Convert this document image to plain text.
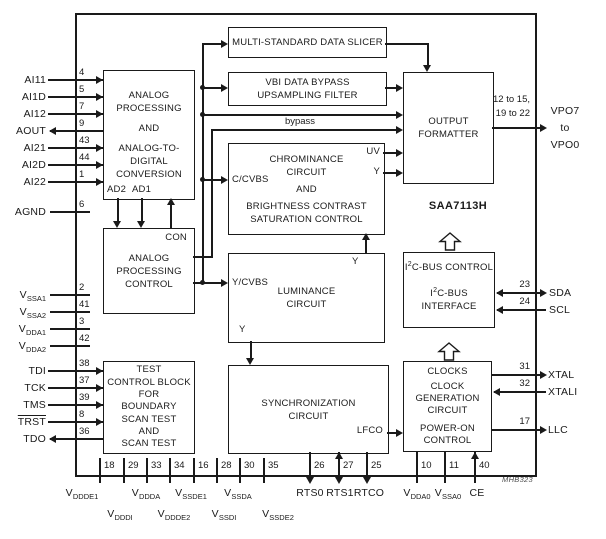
ANALOG
PROCESSING
AND
ANALOG-TO-
DIGITAL
CONVERSION
AD2 AD1
ANALOG
PROCESSING
CONTROL
CON
TEST
CONTROL BLOCK
FOR
BOUNDARY
SCAN TEST
AND
SCAN TEST
MULTI-STANDARD DATA SLICER
VBI DATA BYPASS
UPSAMPLING FILTER
CHROMINANCE
CIRCUIT
AND
BRIGHTNESS CONTRAST
SATURATION CONTROL
C/CVBS
UV
Y
LUMINANCE
CIRCUIT
Y/CVBS
Y
Y
SYNCHRONIZATION
CIRCUIT
LFCO
OUTPUT
FORMATTER
$I^2C$-BUS CONTROL
$I^2C$-BUS
INTERFACE
CLOCKS
CLOCK
GENERATION
CIRCUIT
POWER-ON
CONTROL
SAA7113H
MHB323
bypass
AI11
4
AI1D
5
AI12
7
AOUT
9
AI21
43
AI2D
44
AI22
1
AGND
6
$V_{SSA1}$
2
$V_{SSA2}$
41
$V_{DDA1}$
3
$V_{DDA2}$
42
TDI
38
TCK
37
TMS
39
TRST
8
TDO
36
12 to 15,
19 to 22	VPO7
to
VPO0
23
SDA
24
SCL
31
XTAL
32
XTALI
17
LLC
18 29 33 34 16 28 30 35	26 27 25	10 11 40
$V_{DDDE1}$	$V_{DDDA}$	$V_{SSDE1}$	$V_{SSDA}$	RTS0 RTS1 RTCO	$V_{DDA0}$ $V_{SSA0}$ CE
$V_{DDDI}$	$V_{DDDE2}$	$V_{SSDI}$	$V_{SSDE2}$
